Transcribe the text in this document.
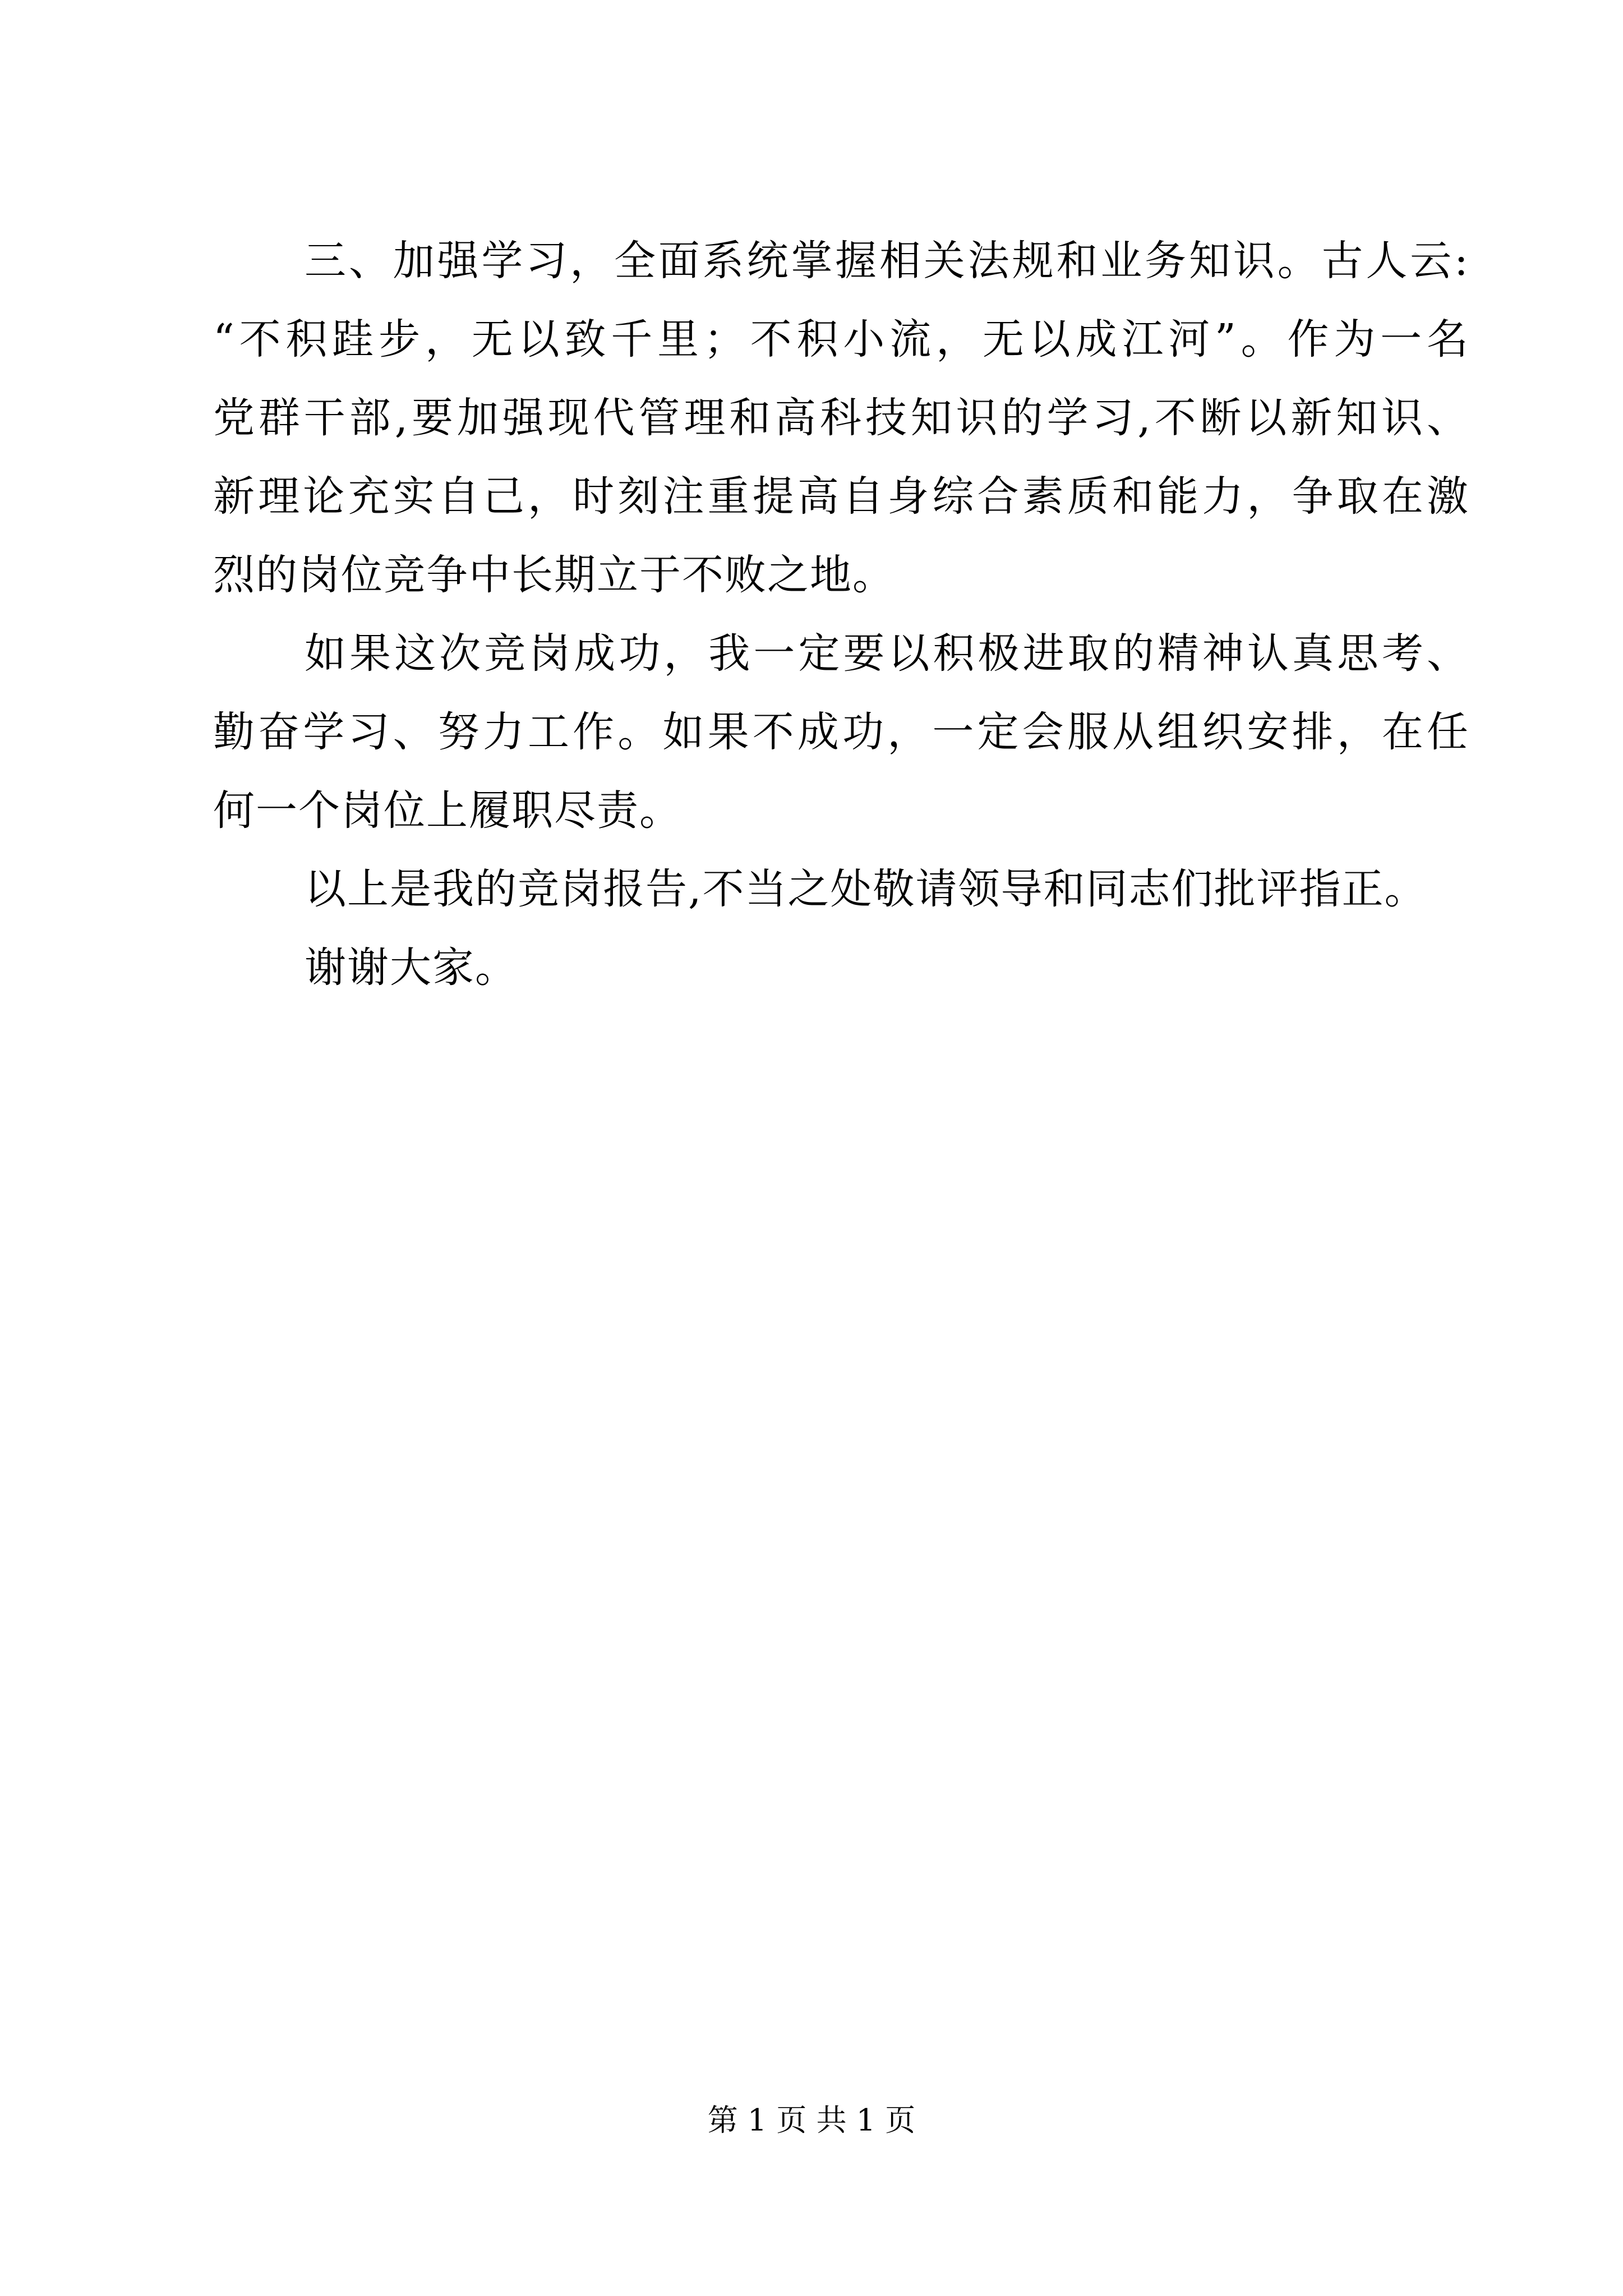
三、加强学习，全面系统掌握相关法规和业务知识。古人云:
“不积跬步，无以致千里；不积小流，无以成江河”。作为一名
党群干部,要加强现代管理和高科技知识的学习,不断以新知识、
新理论充实自己，时刻注重提高自身综合素质和能力，争取在激
烈的岗位竞争中长期立于不败之地。
如果这次竞岗成功，我一定要以积极进取的精神认真思考、
勤奋学习、努力工作。如果不成功，一定会服从组织安排，在任
何一个岗位上履职尽责。
以上是我的竞岗报告,不当之处敬请领导和同志们批评指正。
谢谢大家。
第 1 页 共 1 页
